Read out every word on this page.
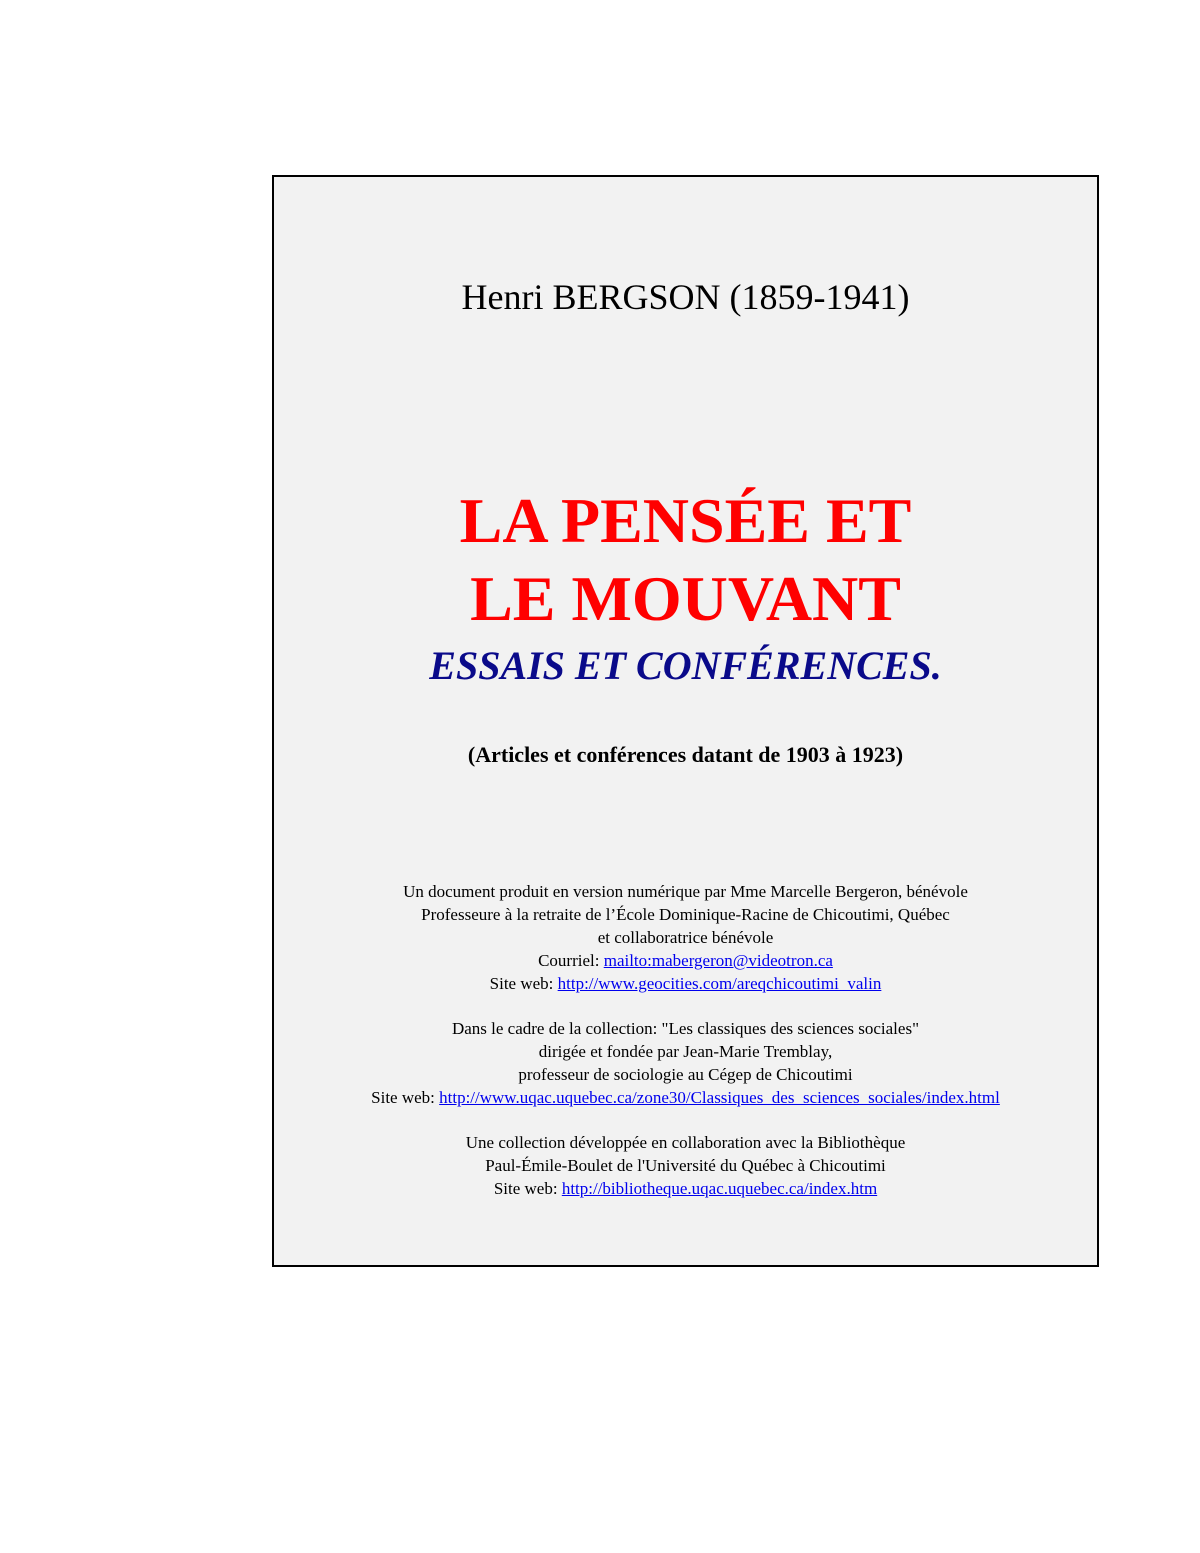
Henri BERGSON (1859-1941)
LA PENSÉE ET
LE MOUVANT
ESSAIS ET CONFÉRENCES.
(Articles et conférences datant de 1903 à 1923)
Un document produit en version numérique par Mme Marcelle Bergeron, bénévole
Professeure à la retraite de l’École Dominique-Racine de Chicoutimi, Québec
et collaboratrice bénévole
Courriel: mailto:mabergeron@videotron.ca
Site web: http://www.geocities.com/areqchicoutimi_valin
Dans le cadre de la collection: "Les classiques des sciences sociales"
dirigée et fondée par Jean-Marie Tremblay,
professeur de sociologie au Cégep de Chicoutimi
Site web: http://www.uqac.uquebec.ca/zone30/Classiques_des_sciences_sociales/index.html
Une collection développée en collaboration avec la Bibliothèque
Paul-Émile-Boulet de l'Université du Québec à Chicoutimi
Site web: http://bibliotheque.uqac.uquebec.ca/index.htm
